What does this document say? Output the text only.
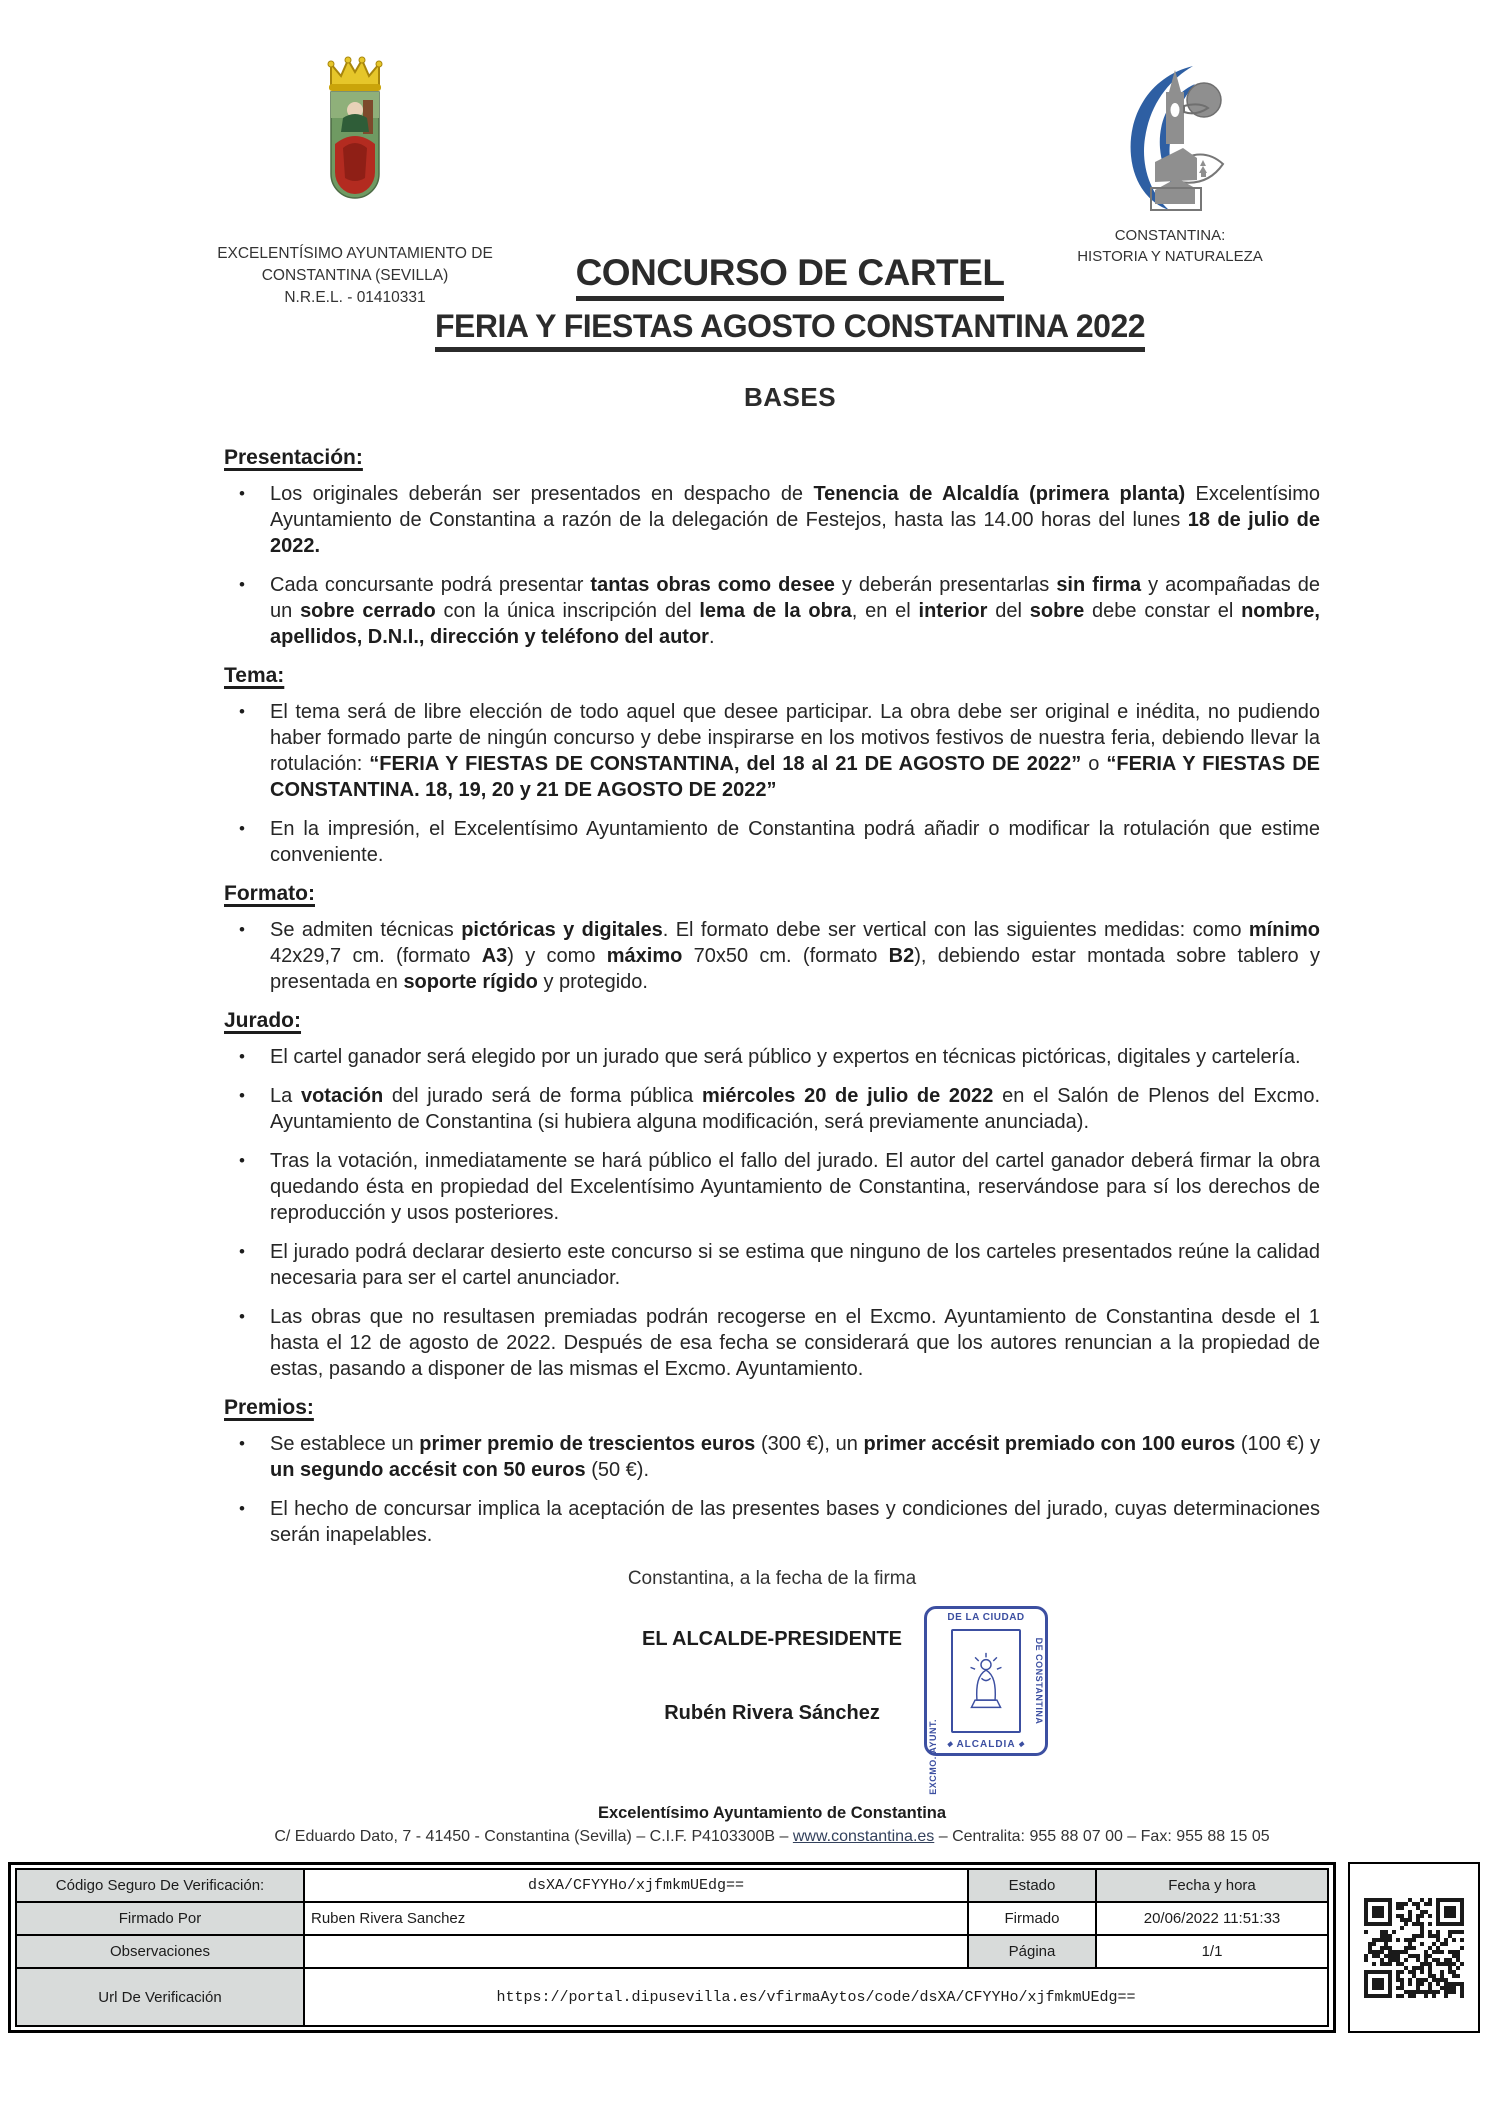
EXCELENTÍSIMO AYUNTAMIENTO DE
CONSTANTINA (SEVILLA)
N.R.E.L. - 01410331
CONCURSO DE CARTEL
FERIA Y FIESTAS AGOSTO CONSTANTINA 2022
BASES
CONSTANTINA:
HISTORIA Y NATURALEZA
Presentación:
•	Los originales deberán ser presentados en despacho de Tenencia de Alcaldía (primera planta) Excelentísimo Ayuntamiento de Constantina a razón de la delegación de Festejos, hasta las 14.00 horas del lunes 18 de julio de 2022.
•	Cada concursante podrá presentar tantas obras como desee y deberán presentarlas sin firma y acompañadas de un sobre cerrado con la única inscripción del lema de la obra, en el interior del sobre debe constar el nombre, apellidos, D.N.I., dirección y teléfono del autor.
Tema:
•	El tema será de libre elección de todo aquel que desee participar. La obra debe ser original e inédita, no pudiendo haber formado parte de ningún concurso y debe inspirarse en los motivos festivos de nuestra feria, debiendo llevar la rotulación: “FERIA Y FIESTAS DE CONSTANTINA, del 18 al 21 DE AGOSTO DE 2022” o “FERIA Y FIESTAS DE CONSTANTINA. 18, 19, 20 y 21 DE AGOSTO DE 2022”
•	En la impresión, el Excelentísimo Ayuntamiento de Constantina podrá añadir o modificar la rotulación que estime conveniente.
Formato:
•	Se admiten técnicas pictóricas y digitales. El formato debe ser vertical con las siguientes medidas: como mínimo 42x29,7 cm. (formato A3) y como máximo 70x50 cm. (formato B2), debiendo estar montada sobre tablero y presentada en soporte rígido y protegido.
Jurado:
•	El cartel ganador será elegido por un jurado que será público y expertos en técnicas pictóricas, digitales y cartelería.
•	La votación del jurado será de forma pública miércoles 20 de julio de 2022 en el Salón de Plenos del Excmo. Ayuntamiento de Constantina (si hubiera alguna modificación, será previamente anunciada).
•	Tras la votación, inmediatamente se hará público el fallo del jurado. El autor del cartel ganador deberá firmar la obra quedando ésta en propiedad del Excelentísimo Ayuntamiento de Constantina, reservándose para sí los derechos de reproducción y usos posteriores.
•	El jurado podrá declarar desierto este concurso si se estima que ninguno de los carteles presentados reúne la calidad necesaria para ser el cartel anunciador.
•	Las obras que no resultasen premiadas podrán recogerse en el Excmo. Ayuntamiento de Constantina desde el 1 hasta el 12 de agosto de 2022. Después de esa fecha se considerará que los autores renuncian a la propiedad de estas, pasando a disponer de las mismas el Excmo. Ayuntamiento.
Premios:
•	Se establece un primer premio de trescientos euros (300 €), un primer accésit premiado con 100 euros (100 €) y un segundo accésit con 50 euros (50 €).
•	El hecho de concursar implica la aceptación de las presentes bases y condiciones del jurado, cuyas determinaciones serán inapelables.
Constantina, a la fecha de la firma
EL ALCALDE-PRESIDENTE
Rubén Rivera Sánchez
DE LA CIUDAD
EXCMO. AYUNT.
DE CONSTANTINA
◆ ALCALDIA◆
Excelentísimo Ayuntamiento de Constantina
C/ Eduardo Dato, 7 - 41450 - Constantina (Sevilla) – C.I.F. P4103300B – www.constantina.es – Centralita: 955 88 07 00 – Fax: 955 88 15 05
Código Seguro De Verificación:	dsXA/CFYYHo/xjfmkmUEdg==	Estado	Fecha y hora
Firmado Por	Ruben Rivera Sanchez	Firmado	20/06/2022 11:51:33
Observaciones		Página	1/1
Url De Verificación	https://portal.dipusevilla.es/vfirmaAytos/code/dsXA/CFYYHo/xjfmkmUEdg==		
